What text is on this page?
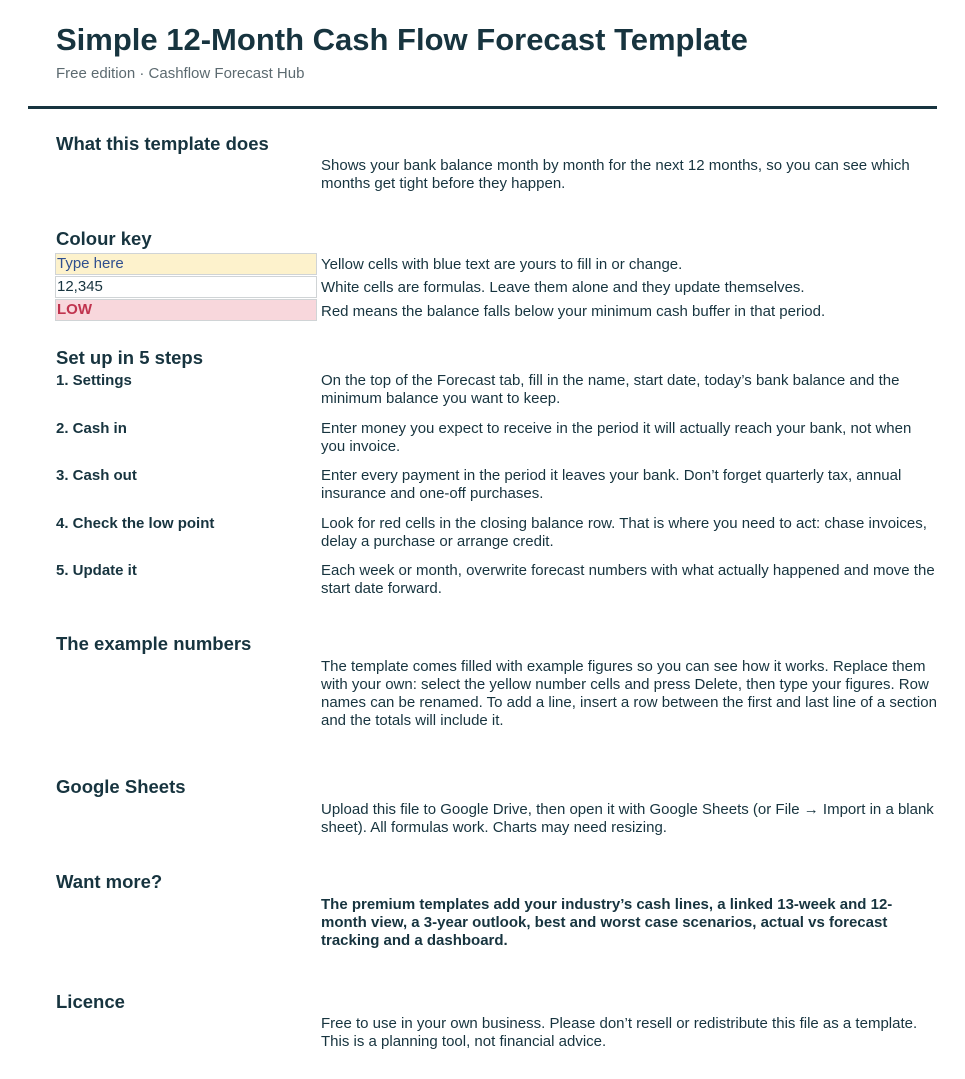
Simple 12-Month Cash Flow Forecast Template
Free edition · Cashflow Forecast Hub
What this template does
Shows your bank balance month by month for the next 12 months, so you can see which months get tight before they happen.
Colour key
Type here	Yellow cells with blue text are yours to fill in or change.
12,345	White cells are formulas. Leave them alone and they update themselves.
LOW	Red means the balance falls below your minimum cash buffer in that period.
Set up in 5 steps
1. Settings	On the top of the Forecast tab, fill in the name, start date, today’s bank balance and the minimum balance you want to keep.
2. Cash in	Enter money you expect to receive in the period it will actually reach your bank, not when you invoice.
3. Cash out	Enter every payment in the period it leaves your bank. Don’t forget quarterly tax, annual insurance and one-off purchases.
4. Check the low point	Look for red cells in the closing balance row. That is where you need to act: chase invoices, delay a purchase or arrange credit.
5. Update it	Each week or month, overwrite forecast numbers with what actually happened and move the start date forward.
The example numbers
The template comes filled with example figures so you can see how it works. Replace them with your own: select the yellow number cells and press Delete, then type your figures. Row names can be renamed. To add a line, insert a row between the first and last line of a section and the totals will include it.
Google Sheets
Upload this file to Google Drive, then open it with Google Sheets (or File → Import in a blank sheet). All formulas work. Charts may need resizing.
Want more?
The premium templates add your industry’s cash lines, a linked 13-week and 12-month view, a 3-year outlook, best and worst case scenarios, actual vs forecast tracking and a dashboard.
Licence
Free to use in your own business. Please don’t resell or redistribute this file as a template. This is a planning tool, not financial advice.
